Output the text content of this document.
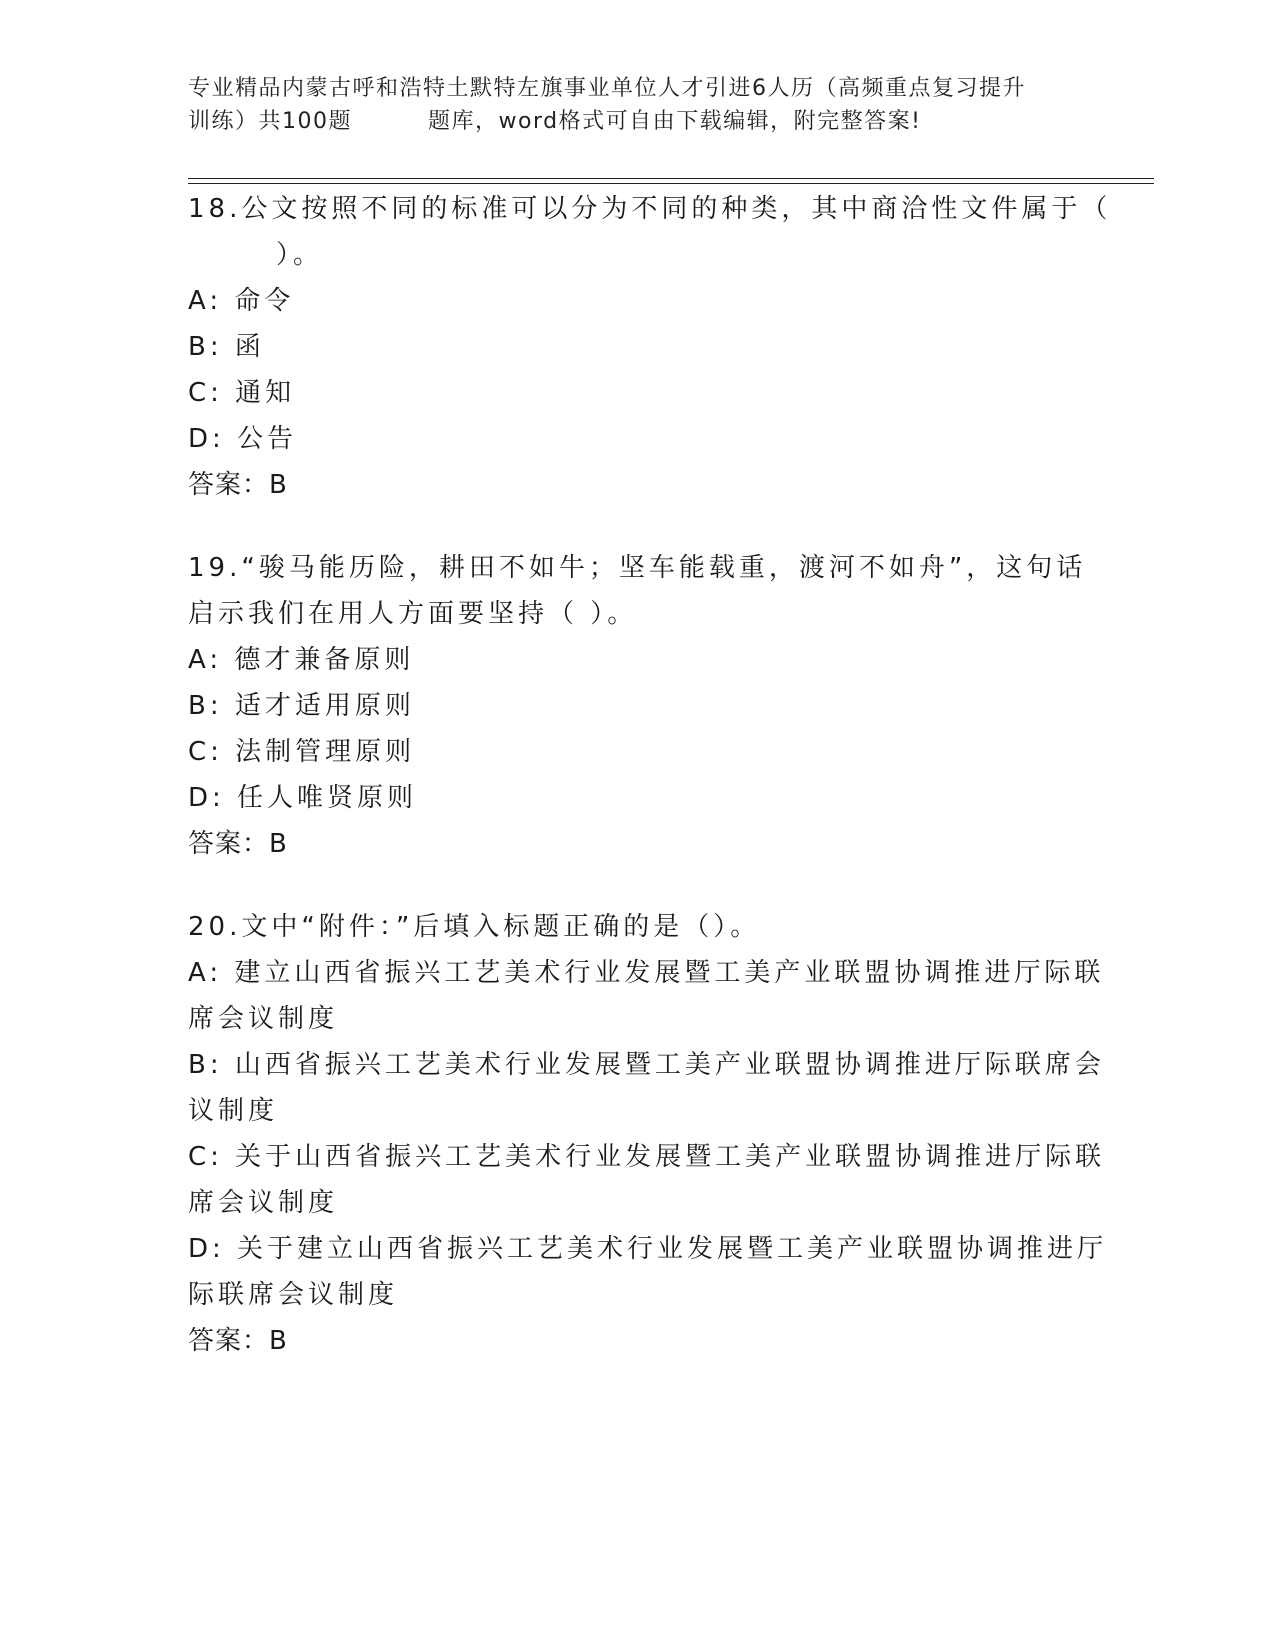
专业精品内蒙古呼和浩特土默特左旗事业单位人才引进6人历（高频重点复习提升
训练）共100题	题库，word格式可自由下载编辑，附完整答案!
18.公文按照不同的标准可以分为不同的种类，其中商洽性文件属于（
）。
A: 命令
B: 函
C: 通知
D: 公告
答案：B
19.“骏马能历险，耕田不如牛；坚车能载重，渡河不如舟”，这句话
启示我们在用人方面要坚持（ ）。
A: 德才兼备原则
B: 适才适用原则
C: 法制管理原则
D: 任人唯贤原则
答案：B
20.文中“附件：”后填入标题正确的是（）。
A: 建立山西省振兴工艺美术行业发展暨工美产业联盟协调推进厅际联
席会议制度
B: 山西省振兴工艺美术行业发展暨工美产业联盟协调推进厅际联席会
议制度
C: 关于山西省振兴工艺美术行业发展暨工美产业联盟协调推进厅际联
席会议制度
D: 关于建立山西省振兴工艺美术行业发展暨工美产业联盟协调推进厅
际联席会议制度
答案：B
